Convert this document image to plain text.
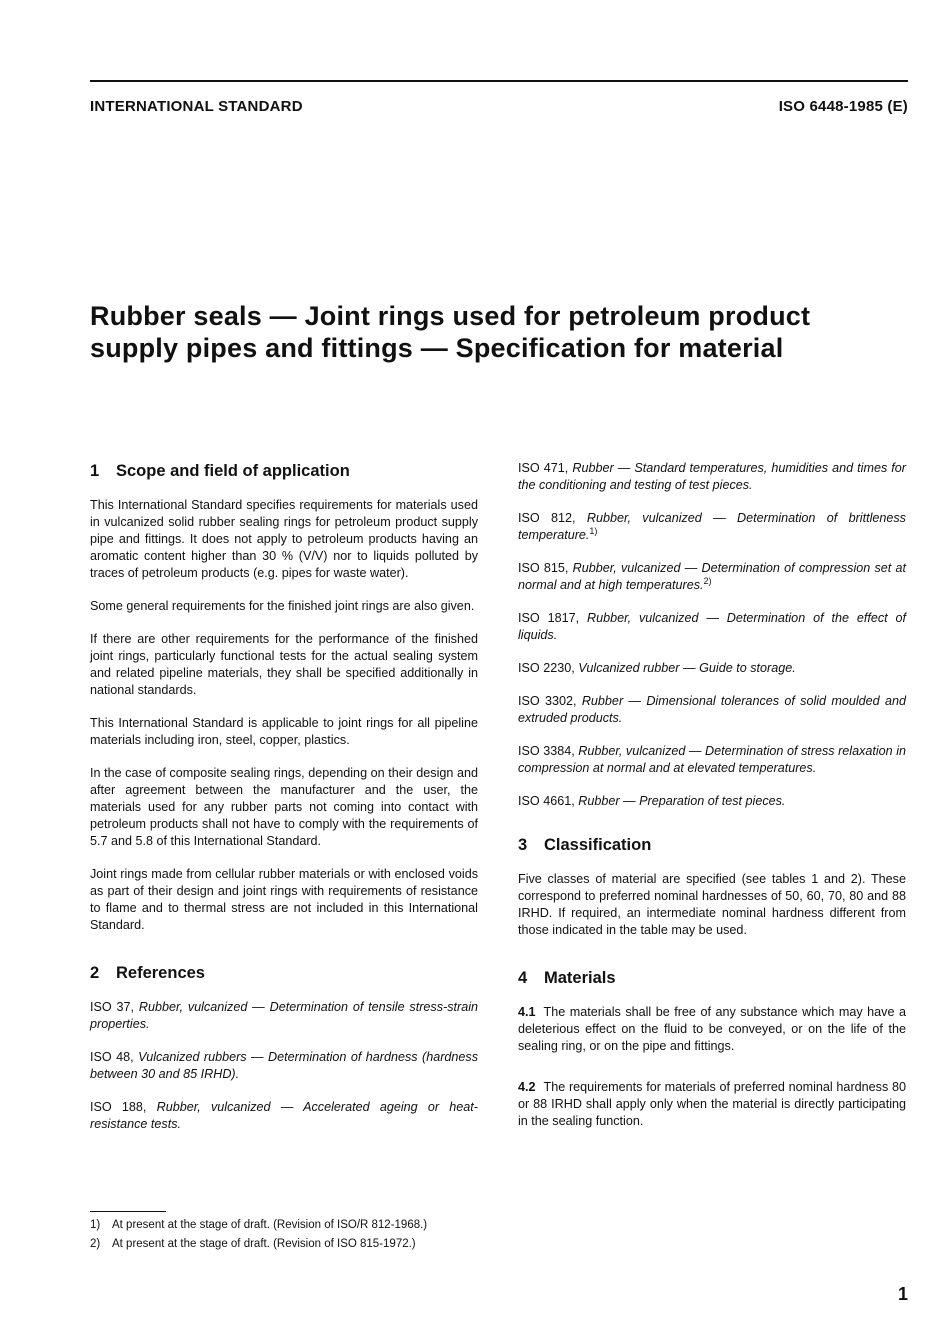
INTERNATIONAL STANDARD	ISO 6448-1985 (E)
Rubber seals — Joint rings used for petroleum product
supply pipes and fittings — Specification for material
1 Scope and field of application

This International Standard specifies requirements for materials used in vulcanized solid rubber sealing rings for petroleum product supply pipe and fittings. It does not apply to petroleum products having an aromatic content higher than 30 % (V/V) nor to liquids polluted by traces of petroleum products (e.g. pipes for waste water).

Some general requirements for the finished joint rings are also given.

If there are other requirements for the performance of the finished joint rings, particularly functional tests for the actual sealing system and related pipeline materials, they shall be specified additionally in national standards.

This International Standard is applicable to joint rings for all pipeline materials including iron, steel, copper, plastics.

In the case of composite sealing rings, depending on their design and after agreement between the manufacturer and the user, the materials used for any rubber parts not coming into contact with petroleum products shall not have to comply with the requirements of 5.7 and 5.8 of this International Standard.

Joint rings made from cellular rubber materials or with enclosed voids as part of their design and joint rings with requirements of resistance to flame and to thermal stress are not included in this International Standard.

2 References

ISO 37, Rubber, vulcanized — Determination of tensile stress-strain properties.

ISO 48, Vulcanized rubbers — Determination of hardness (hardness between 30 and 85 IRHD).

ISO 188, Rubber, vulcanized — Accelerated ageing or heat-resistance tests.

ISO 471, Rubber — Standard temperatures, humidities and times for the conditioning and testing of test pieces.

ISO 812, Rubber, vulcanized — Determination of brittleness temperature.$^{1)}$

ISO 815, Rubber, vulcanized — Determination of compression set at normal and at high temperatures.$^{2)}$

ISO 1817, Rubber, vulcanized — Determination of the effect of liquids.

ISO 2230, Vulcanized rubber — Guide to storage.

ISO 3302, Rubber — Dimensional tolerances of solid moulded and extruded products.

ISO 3384, Rubber, vulcanized — Determination of stress relaxation in compression at normal and at elevated temperatures.

ISO 4661, Rubber — Preparation of test pieces.

3 Classification

Five classes of material are specified (see tables 1 and 2). These correspond to preferred nominal hardnesses of 50, 60, 70, 80 and 88 IRHD. If required, an intermediate nominal hardness different from those indicated in the table may be used.

4 Materials

4.1 The materials shall be free of any substance which may have a deleterious effect on the fluid to be conveyed, or on the life of the sealing ring, or on the pipe and fittings.

4.2 The requirements for materials of preferred nominal hardness 80 or 88 IRHD shall apply only when the material is directly participating in the sealing function.

1) At present at the stage of draft. (Revision of ISO/R 812-1968.)
2) At present at the stage of draft. (Revision of ISO 815-1972.)
1
